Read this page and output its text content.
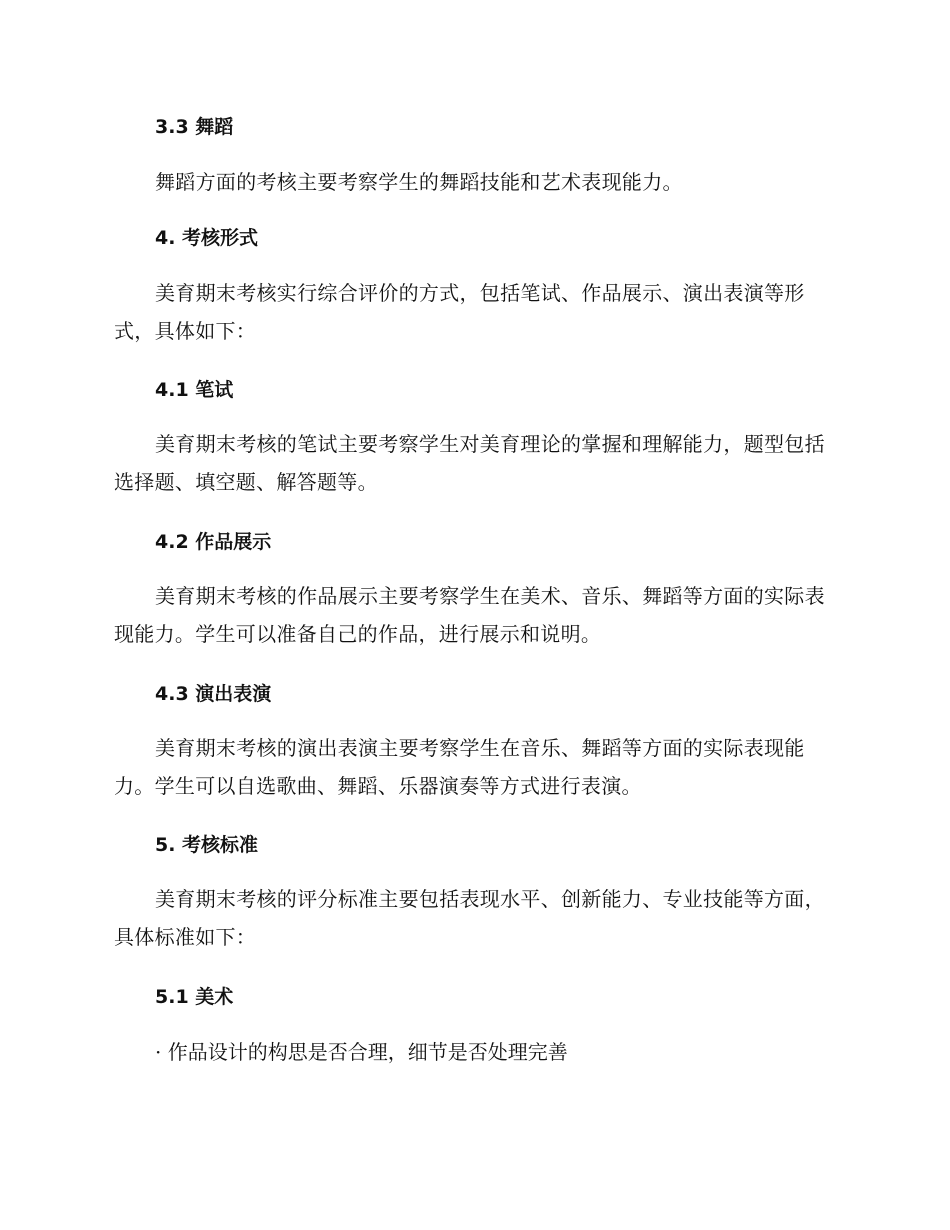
3.3 舞蹈
舞蹈方面的考核主要考察学生的舞蹈技能和艺术表现能力。
4. 考核形式
美育期末考核实行综合评价的方式，包括笔试、作品展示、演出表演等形式，具体如下：
4.1 笔试
美育期末考核的笔试主要考察学生对美育理论的掌握和理解能力，题型包括选择题、填空题、解答题等。
4.2 作品展示
美育期末考核的作品展示主要考察学生在美术、音乐、舞蹈等方面的实际表现能力。学生可以准备自己的作品，进行展示和说明。
4.3 演出表演
美育期末考核的演出表演主要考察学生在音乐、舞蹈等方面的实际表现能力。学生可以自选歌曲、舞蹈、乐器演奏等方式进行表演。
5. 考核标准
美育期末考核的评分标准主要包括表现水平、创新能力、专业技能等方面，具体标准如下：
5.1 美术
· 作品设计的构思是否合理，细节是否处理完善
